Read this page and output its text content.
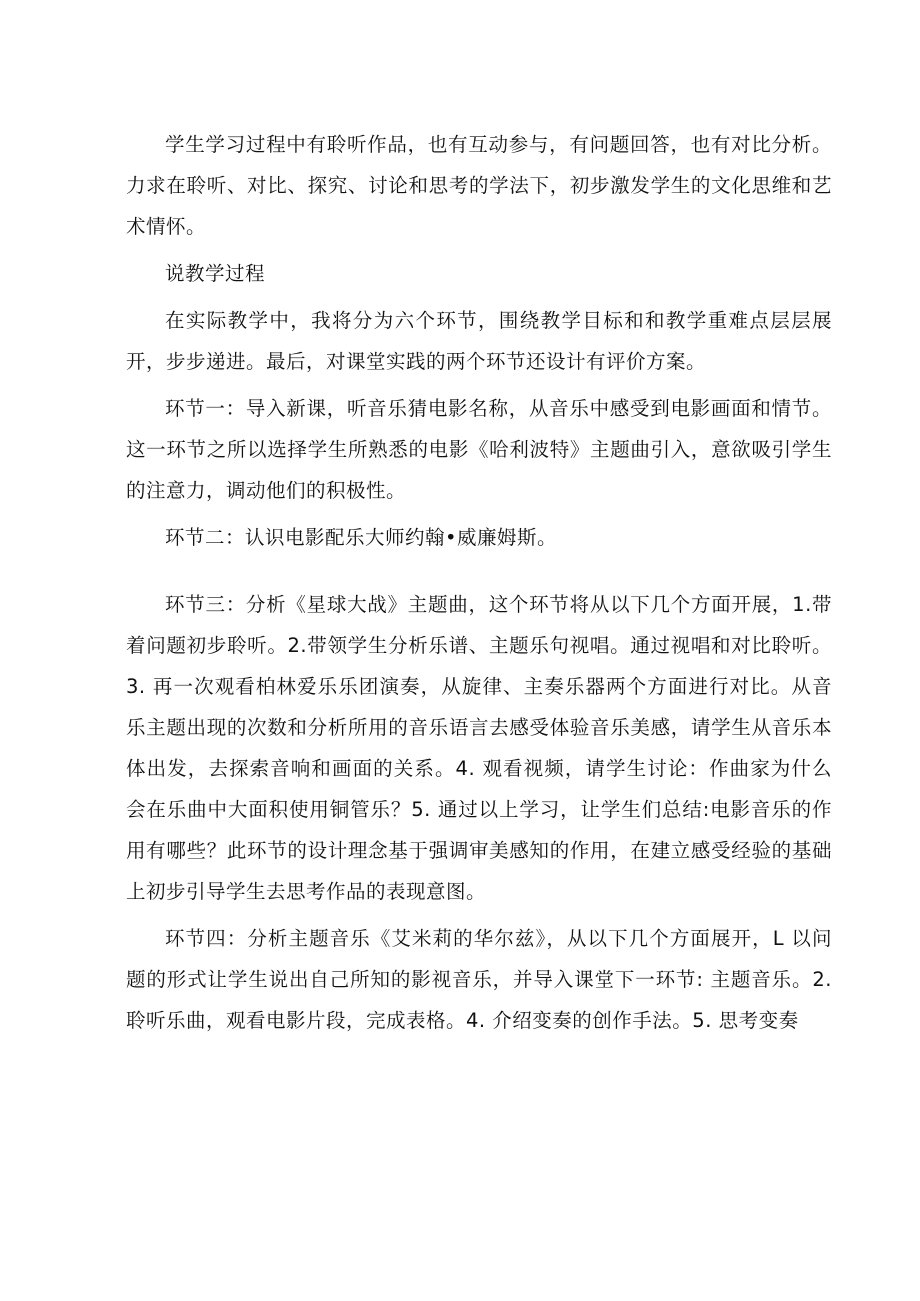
学生学习过程中有聆听作品，也有互动参与，有问题回答，也有对比分析。力求在聆听、对比、探究、讨论和思考的学法下，初步激发学生的文化思维和艺术情怀。

说教学过程

在实际教学中，我将分为六个环节，围绕教学目标和和教学重难点层层展开，步步递进。最后，对课堂实践的两个环节还设计有评价方案。

环节一：导入新课，听音乐猜电影名称，从音乐中感受到电影画面和情节。这一环节之所以选择学生所熟悉的电影《哈利波特》主题曲引入，意欲吸引学生的注意力，调动他们的积极性。

环节二：认识电影配乐大师约翰•威廉姆斯。

环节三：分析《星球大战》主题曲，这个环节将从以下几个方面开展，1.带着问题初步聆听。2.带领学生分析乐谱、主题乐句视唱。通过视唱和对比聆听。3. 再一次观看柏林爱乐乐团演奏，从旋律、主奏乐器两个方面进行对比。从音乐主题出现的次数和分析所用的音乐语言去感受体验音乐美感，请学生从音乐本体出发，去探索音响和画面的关系。4. 观看视频，请学生讨论：作曲家为什么会在乐曲中大面积使用铜管乐？5. 通过以上学习，让学生们总结:电影音乐的作用有哪些？此环节的设计理念基于强调审美感知的作用，在建立感受经验的基础上初步引导学生去思考作品的表现意图。

环节四：分析主题音乐《艾米莉的华尔兹》，从以下几个方面展开，L 以问题的形式让学生说出自己所知的影视音乐，并导入课堂下一环节: 主题音乐。2. 聆听乐曲，观看电影片段，完成表格。4. 介绍变奏的创作手法。5. 思考变奏
